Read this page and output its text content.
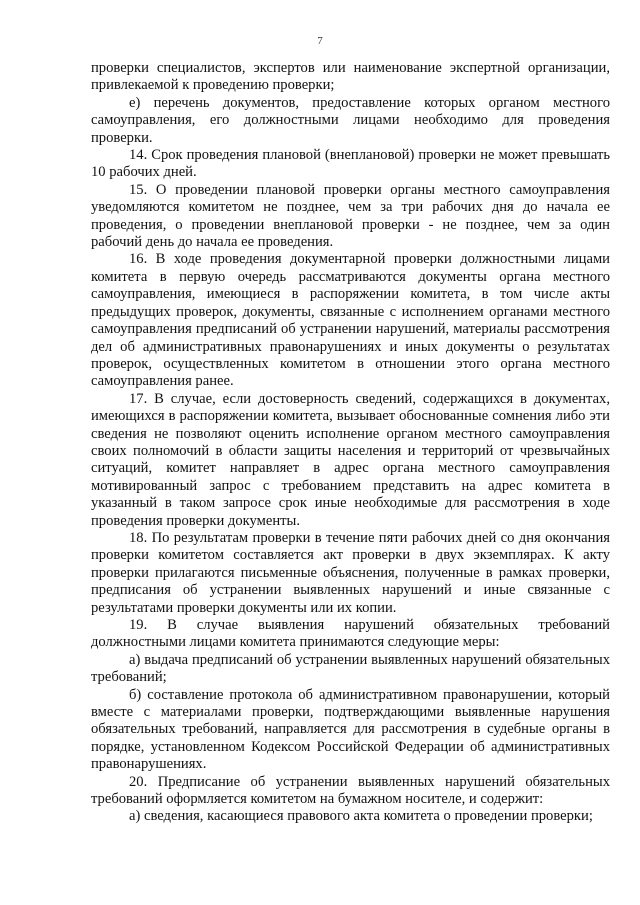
7

проверки специалистов, экспертов или наименование экспертной организации, привлекаемой к проведению проверки;

е) перечень документов, предоставление которых органом местного самоуправления, его должностными лицами необходимо для проведения проверки.

14. Срок проведения плановой (внеплановой) проверки не может превышать 10 рабочих дней.

15. О проведении плановой проверки органы местного самоуправления уведомляются комитетом не позднее, чем за три рабочих дня до начала ее проведения, о проведении внеплановой проверки - не позднее, чем за один рабочий день до начала ее проведения.

16. В ходе проведения документарной проверки должностными лицами комитета в первую очередь рассматриваются документы органа местного самоуправления, имеющиеся в распоряжении комитета, в том числе акты предыдущих проверок, документы, связанные с исполнением органами местного самоуправления предписаний об устранении нарушений, материалы рассмотрения дел об административных правонарушениях и иных документы о результатах проверок, осуществленных комитетом в отношении этого органа местного самоуправления ранее.

17. В случае, если достоверность сведений, содержащихся в документах, имеющихся в распоряжении комитета, вызывает обоснованные сомнения либо эти сведения не позволяют оценить исполнение органом местного самоуправления своих полномочий в области защиты населения и территорий от чрезвычайных ситуаций, комитет направляет в адрес органа местного самоуправления мотивированный запрос с требованием представить на адрес комитета в указанный в таком запросе срок иные необходимые для рассмотрения в ходе проведения проверки документы.

18. По результатам проверки в течение пяти рабочих дней со дня окончания проверки комитетом составляется акт проверки в двух экземплярах. К акту проверки прилагаются письменные объяснения, полученные в рамках проверки, предписания об устранении выявленных нарушений и иные связанные с результатами проверки документы или их копии.

19. В случае выявления нарушений обязательных требований должностными лицами комитета принимаются следующие меры:

а) выдача предписаний об устранении выявленных нарушений обязательных требований;

б) составление протокола об административном правонарушении, который вместе с материалами проверки, подтверждающими выявленные нарушения обязательных требований, направляется для рассмотрения в судебные органы в порядке, установленном Кодексом Российской Федерации об административных правонарушениях.

20. Предписание об устранении выявленных нарушений обязательных требований оформляется комитетом на бумажном носителе, и содержит:

а) сведения, касающиеся правового акта комитета о проведении проверки;
